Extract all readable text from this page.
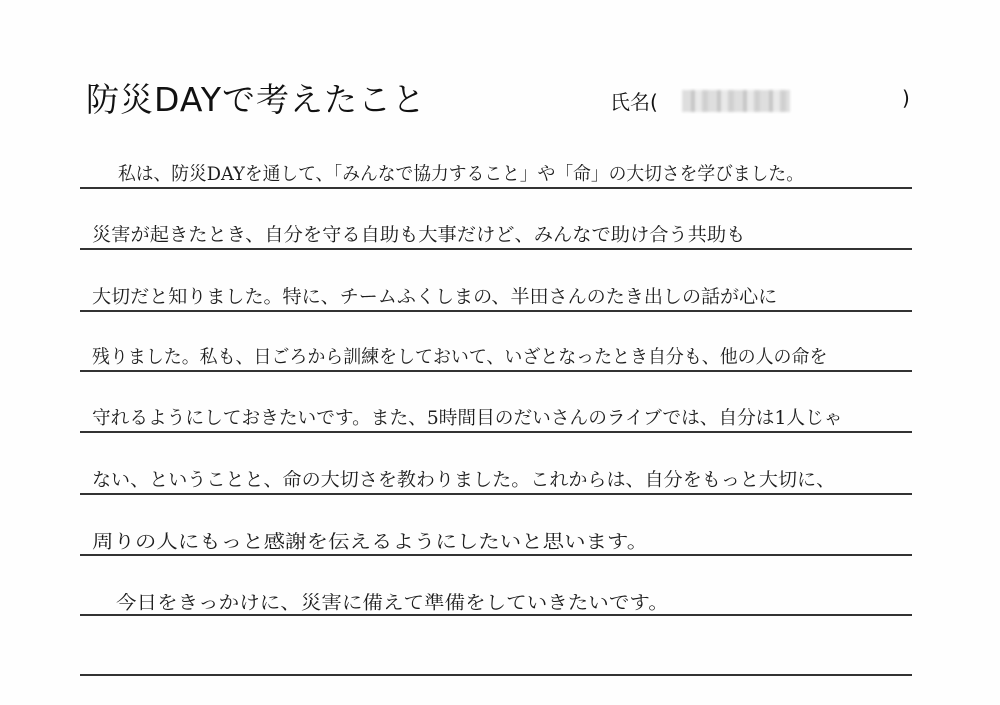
防災DAYで考えたこと	氏名(	)
私は、防災DAYを通して、「みんなで協力すること」や「命」の大切さを学びました。
災害が起きたとき、自分を守る自助も大事だけど、みんなで助け合う共助も
大切だと知りました。特に、チームふくしまの、半田さんのたき出しの話が心に
残りました。私も、日ごろから訓練をしておいて、いざとなったとき自分も、他の人の命を
守れるようにしておきたいです。また、5時間目のだいさんのライブでは、自分は1人じゃ
ない、ということと、命の大切さを教わりました。これからは、自分をもっと大切に、
周りの人にもっと感謝を伝えるようにしたいと思います。
今日をきっかけに、災害に備えて準備をしていきたいです。
